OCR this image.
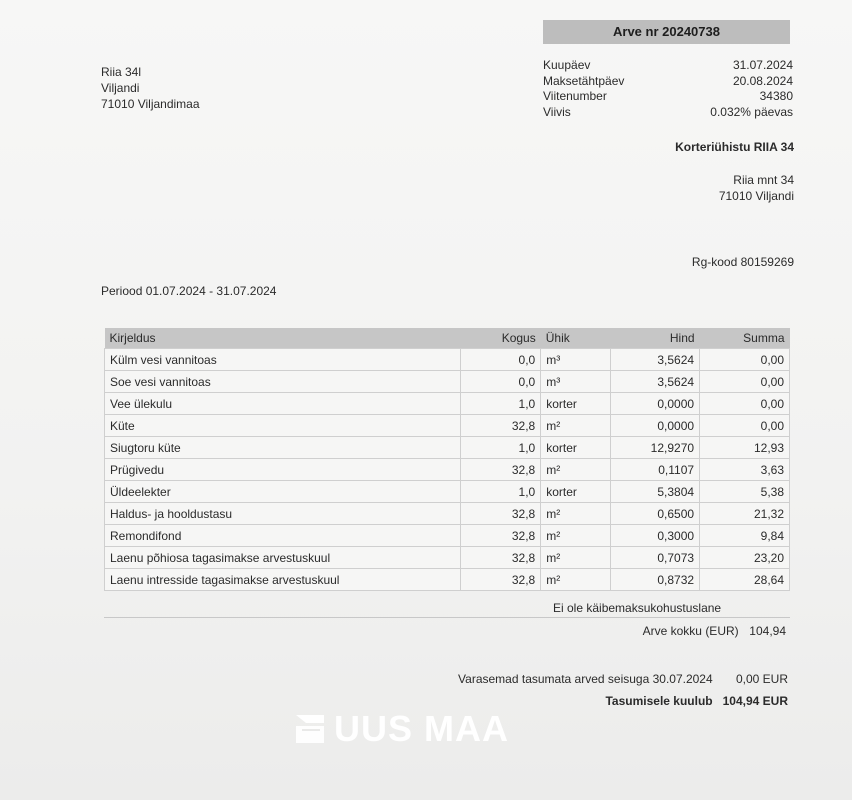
Arve nr 20240738
Riia 34l
Viljandi
71010 Viljandimaa
Kuupäev	31.07.2024
Maksetähtpäev	20.08.2024
Viitenumber	34380
Viivis	0.032% päevas
Korteriühistu RIIA 34
Riia mnt 34
71010 Viljandi
Rg-kood 80159269
Periood 01.07.2024 - 31.07.2024
Kirjeldus	Kogus	Ühik	Hind	Summa
Külm vesi vannitoas	0,0	m³	3,5624	0,00
Soe vesi vannitoas	0,0	m³	3,5624	0,00
Vee ülekulu	1,0	korter	0,0000	0,00
Küte	32,8	m²	0,0000	0,00
Siugtoru küte	1,0	korter	12,9270	12,93
Prügivedu	32,8	m²	0,1107	3,63
Üldeelekter	1,0	korter	5,3804	5,38
Haldus- ja hooldustasu	32,8	m²	0,6500	21,32
Remondifond	32,8	m²	0,3000	9,84
Laenu põhiosa tagasimakse arvestuskuul	32,8	m²	0,7073	23,20
Laenu intresside tagasimakse arvestuskuul	32,8	m²	0,8732	28,64
Ei ole käibemaksukohustuslane
Arve kokku (EUR) 104,94
Varasemad tasumata arved seisuga 30.07.2024 0,00 EUR
Tasumisele kuulub 104,94 EUR
UUS MAA
